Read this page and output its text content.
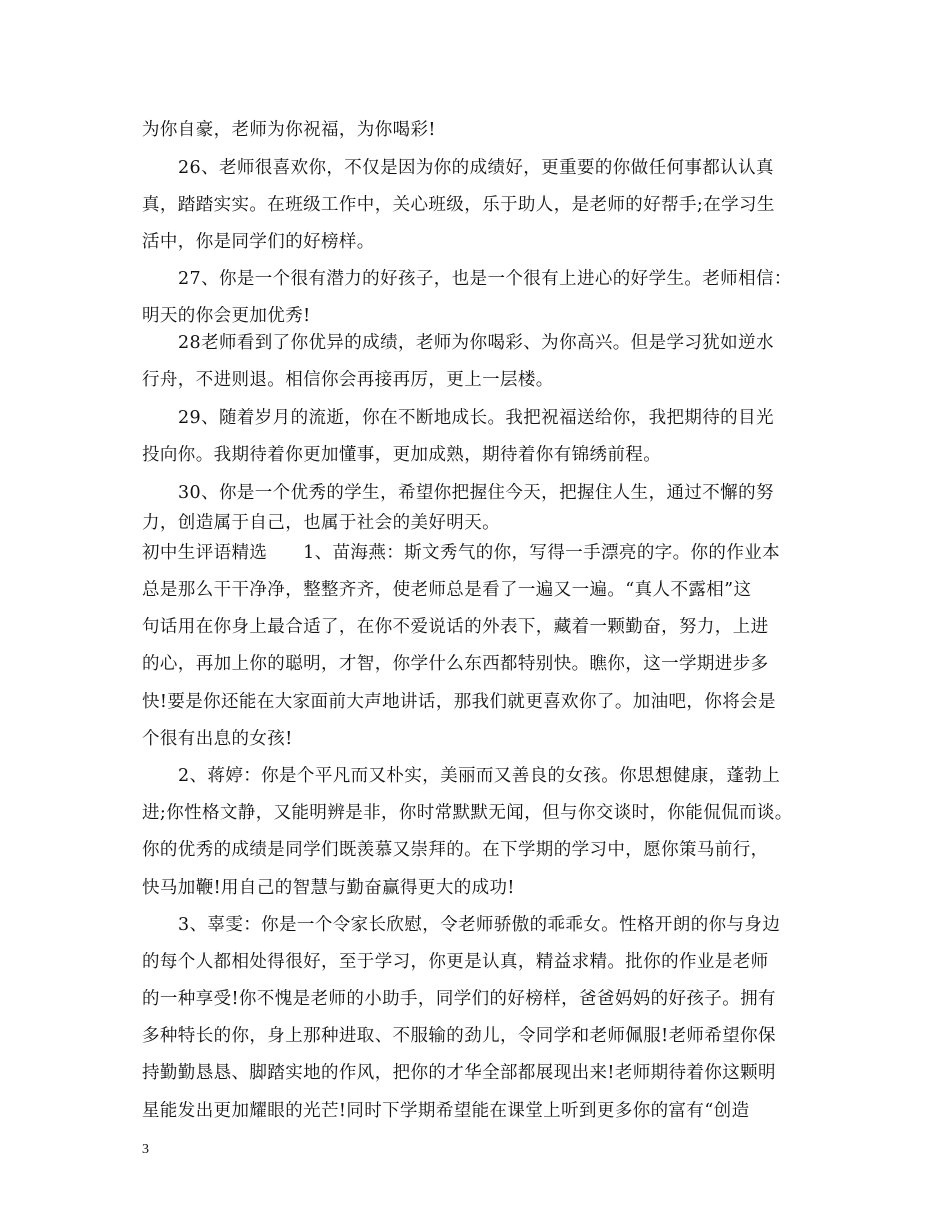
为你自豪，老师为你祝福，为你喝彩!
26、老师很喜欢你，不仅是因为你的成绩好，更重要的你做任何事都认认真
真，踏踏实实。在班级工作中，关心班级，乐于助人，是老师的好帮手;在学习生
活中，你是同学们的好榜样。
27、你是一个很有潜力的好孩子，也是一个很有上进心的好学生。老师相信：
明天的你会更加优秀!
28老师看到了你优异的成绩，老师为你喝彩、为你高兴。但是学习犹如逆水
行舟，不进则退。相信你会再接再厉，更上一层楼。
29、随着岁月的流逝，你在不断地成长。我把祝福送给你，我把期待的目光
投向你。我期待着你更加懂事，更加成熟，期待着你有锦绣前程。
30、你是一个优秀的学生，希望你把握住今天，把握住人生，通过不懈的努
力，创造属于自己，也属于社会的美好明天。
初中生评语精选　　1、苗海燕：斯文秀气的你，写得一手漂亮的字。你的作业本
总是那么干干净净，整整齐齐，使老师总是看了一遍又一遍。“真人不露相”这
句话用在你身上最合适了，在你不爱说话的外表下，藏着一颗勤奋，努力，上进
的心，再加上你的聪明，才智，你学什么东西都特别快。瞧你，这一学期进步多
快!要是你还能在大家面前大声地讲话，那我们就更喜欢你了。加油吧，你将会是
个很有出息的女孩!
2、蒋婷：你是个平凡而又朴实，美丽而又善良的女孩。你思想健康，蓬勃上
进;你性格文静，又能明辨是非，你时常默默无闻，但与你交谈时，你能侃侃而谈。
你的优秀的成绩是同学们既羡慕又崇拜的。在下学期的学习中，愿你策马前行，
快马加鞭!用自己的智慧与勤奋赢得更大的成功!
3、辜雯：你是一个令家长欣慰，令老师骄傲的乖乖女。性格开朗的你与身边
的每个人都相处得很好，至于学习，你更是认真，精益求精。批你的作业是老师
的一种享受!你不愧是老师的小助手，同学们的好榜样，爸爸妈妈的好孩子。拥有
多种特长的你，身上那种进取、不服输的劲儿，令同学和老师佩服!老师希望你保
持勤勤恳恳、脚踏实地的作风，把你的才华全部都展现出来!老师期待着你这颗明
星能发出更加耀眼的光芒!同时下学期希望能在课堂上听到更多你的富有“创造
3
